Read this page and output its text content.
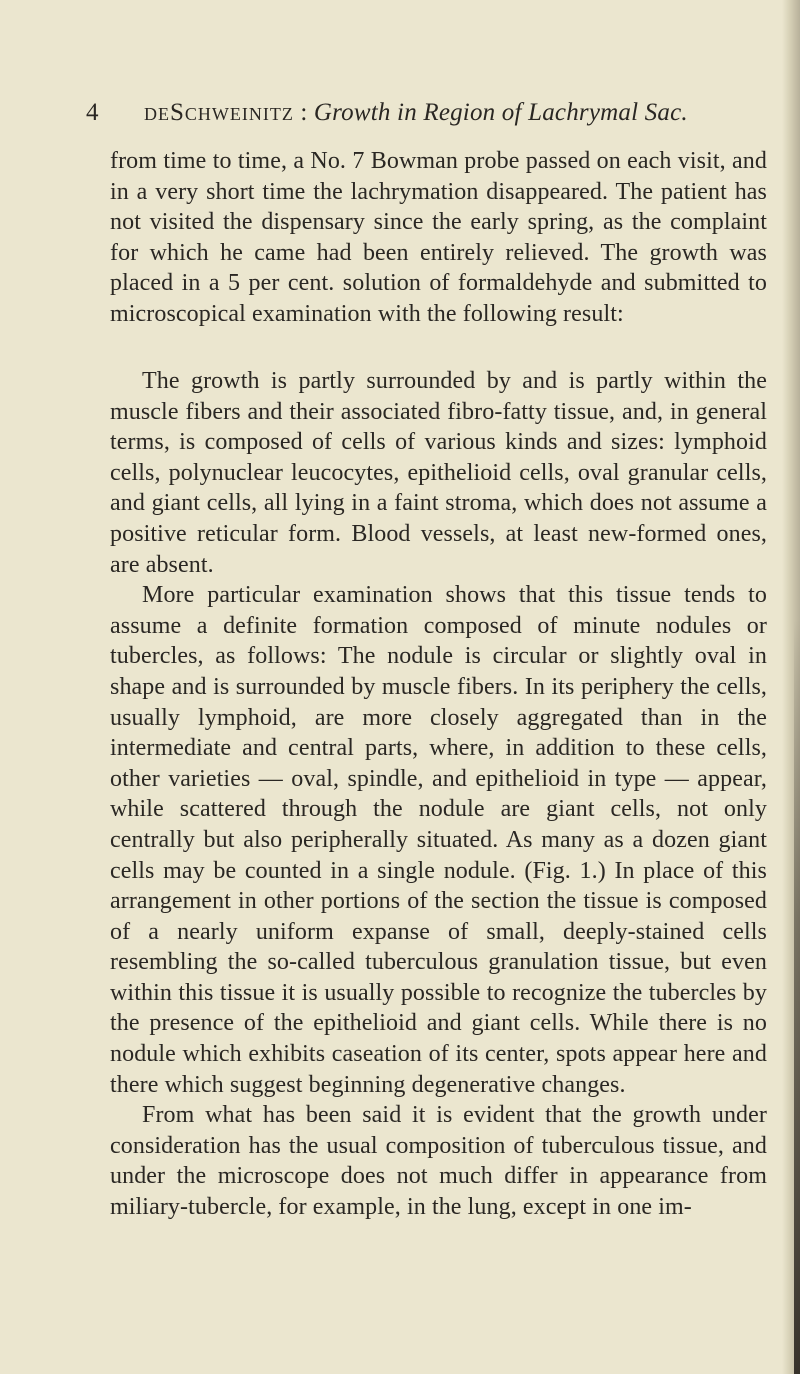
4 deSchweinitz : Growth in Region of Lachrymal Sac.

from time to time, a No. 7 Bowman probe passed on each visit, and in a very short time the lachrymation disappeared. The patient has not visited the dispensary since the early spring, as the complaint for which he came had been entirely relieved. The growth was placed in a 5 per cent. solution of formaldehyde and submitted to microscopical examination with the following result:

The growth is partly surrounded by and is partly within the muscle fibers and their associated fibro-fatty tissue, and, in general terms, is composed of cells of various kinds and sizes: lymphoid cells, polynuclear leucocytes, epithelioid cells, oval granular cells, and giant cells, all lying in a faint stroma, which does not assume a positive reticular form. Blood vessels, at least new-formed ones, are absent.

More particular examination shows that this tissue tends to assume a definite formation composed of minute nodules or tubercles, as follows: The nodule is circular or slightly oval in shape and is surrounded by muscle fibers. In its periphery the cells, usually lymphoid, are more closely aggregated than in the intermediate and central parts, where, in addition to these cells, other varieties — oval, spindle, and epithelioid in type — appear, while scattered through the nodule are giant cells, not only centrally but also peripherally situated. As many as a dozen giant cells may be counted in a single nodule. (Fig. 1.) In place of this arrangement in other portions of the section the tissue is composed of a nearly uniform expanse of small, deeply-stained cells resembling the so-called tuberculous granulation tissue, but even within this tissue it is usually possible to recognize the tubercles by the presence of the epithelioid and giant cells. While there is no nodule which exhibits caseation of its center, spots appear here and there which suggest beginning degenerative changes.

From what has been said it is evident that the growth under consideration has the usual composition of tuberculous tissue, and under the microscope does not much differ in appearance from miliary-tubercle, for example, in the lung, except in one im-
